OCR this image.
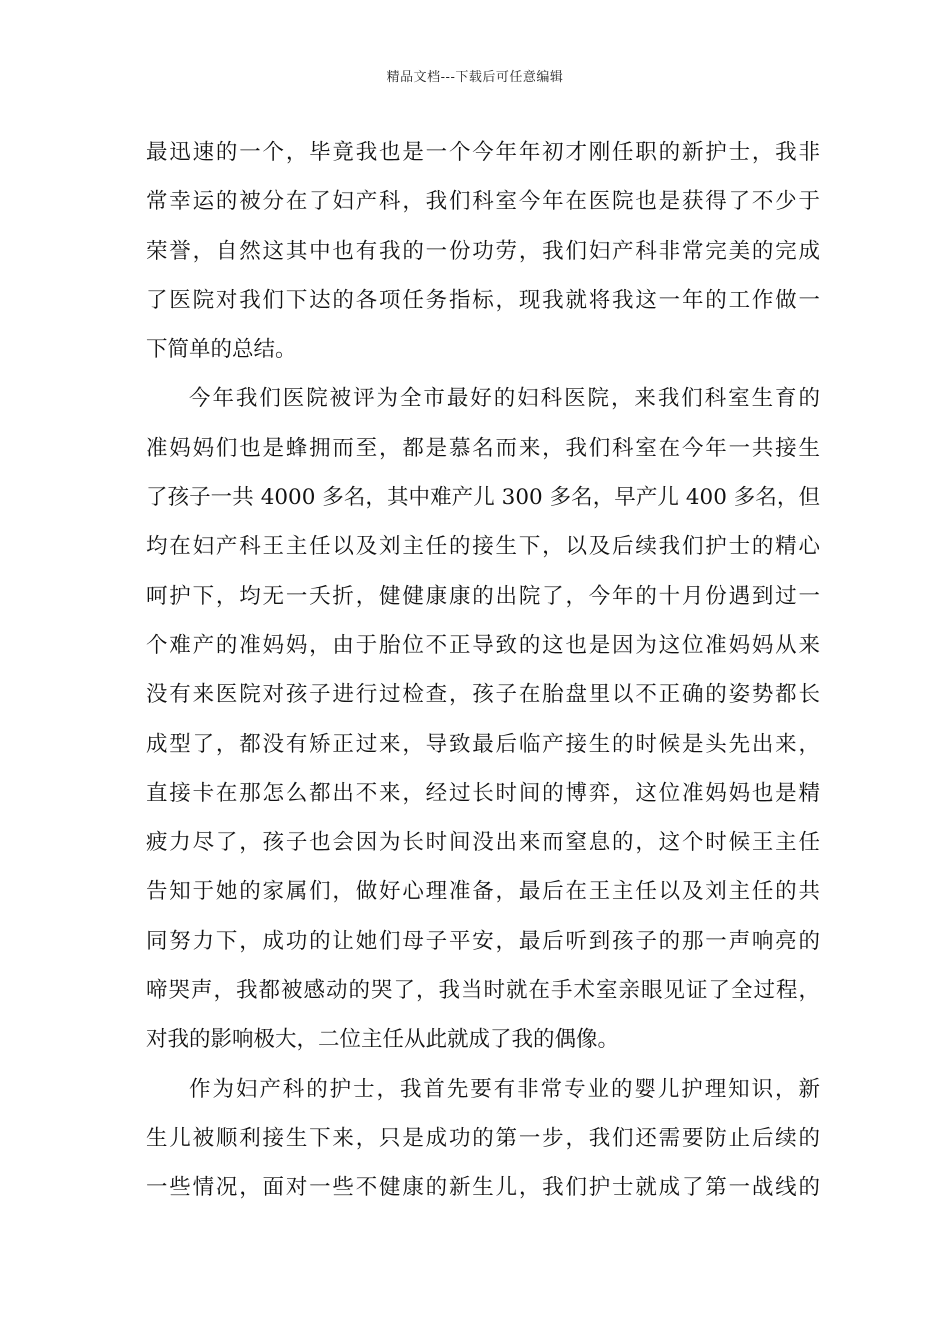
精品文档---下载后可任意编辑
最迅速的一个，毕竟我也是一个今年年初才刚任职的新护士，我非
常幸运的被分在了妇产科，我们科室今年在医院也是获得了不少于
荣誉，自然这其中也有我的一份功劳，我们妇产科非常完美的完成
了医院对我们下达的各项任务指标，现我就将我这一年的工作做一
下简单的总结。
今年我们医院被评为全市最好的妇科医院，来我们科室生育的
准妈妈们也是蜂拥而至，都是慕名而来，我们科室在今年一共接生
了孩子一共 4000 多名，其中难产儿 300 多名，早产儿 400 多名，但
均在妇产科王主任以及刘主任的接生下，以及后续我们护士的精心
呵护下，均无一夭折，健健康康的出院了，今年的十月份遇到过一
个难产的准妈妈，由于胎位不正导致的这也是因为这位准妈妈从来
没有来医院对孩子进行过检查，孩子在胎盘里以不正确的姿势都长
成型了，都没有矫正过来，导致最后临产接生的时候是头先出来，
直接卡在那怎么都出不来，经过长时间的博弈，这位准妈妈也是精
疲力尽了，孩子也会因为长时间没出来而窒息的，这个时候王主任
告知于她的家属们，做好心理准备，最后在王主任以及刘主任的共
同努力下，成功的让她们母子平安，最后听到孩子的那一声响亮的
啼哭声，我都被感动的哭了，我当时就在手术室亲眼见证了全过程，
对我的影响极大，二位主任从此就成了我的偶像。
作为妇产科的护士，我首先要有非常专业的婴儿护理知识，新
生儿被顺利接生下来，只是成功的第一步，我们还需要防止后续的
一些情况，面对一些不健康的新生儿，我们护士就成了第一战线的
